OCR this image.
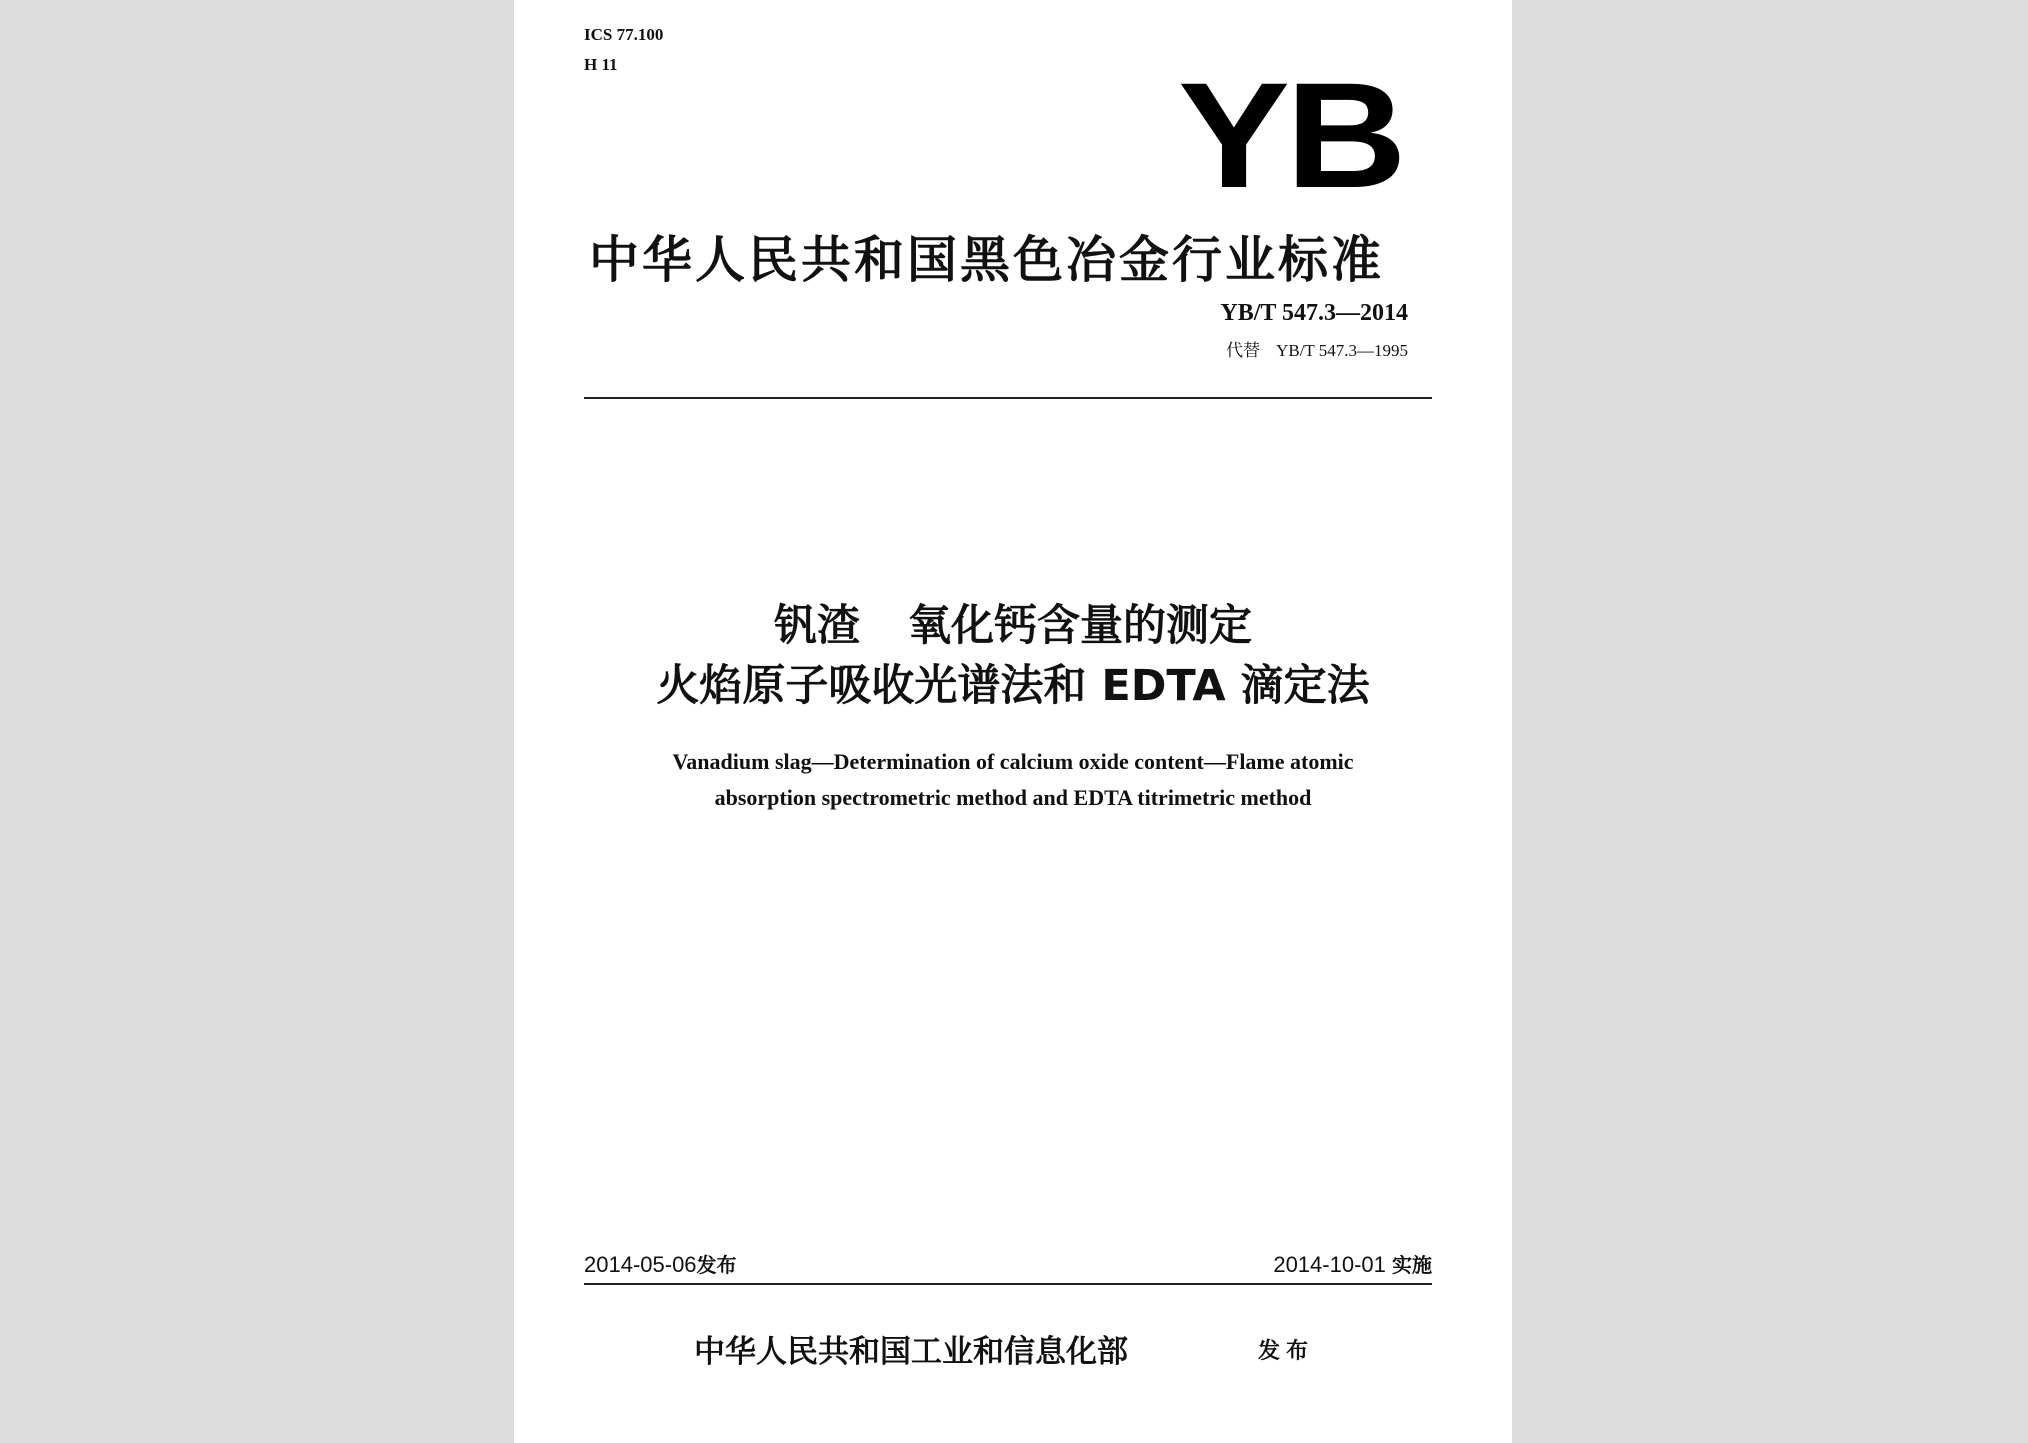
ICS 77.100
H 11	YB
中华人民共和国黑色冶金行业标准
YB/T 547.3—2014
代替 YB/T 547.3—1995
钒渣 氧化钙含量的测定
火焰原子吸收光谱法和 EDTA 滴定法
Vanadium slag—Determination of calcium oxide content—Flame atomic
absorption spectrometric method and EDTA titrimetric method
2014-05-06发布	2014-10-01 实施
中华人民共和国工业和信息化部	发布
